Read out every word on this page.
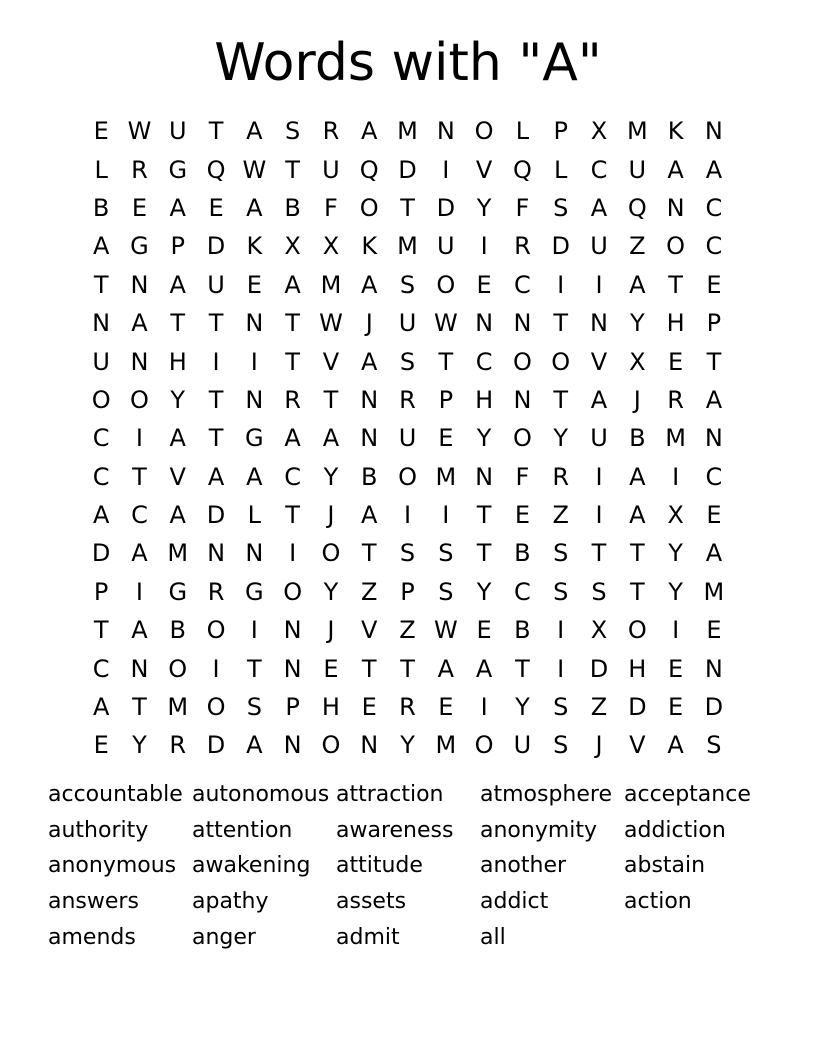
Words with "A"
E W U T A S R A M N O L	P X M K N
L R G Q W T U Q D	I	V Q L C U A A
B E A E A B F O T D Y	F S A Q N C
A G P D K X X K M U	I	R D U Z O C
T N A U E A M A S O E C	I	I	A T E
N A T T N T W J	U W N N T N Y H P
U N H	I	I	T V A S T C O O V X E T
O O Y T N R T N R P H N T A	J	R A
C	I	A T G A A N U E Y O Y U B M N
C T V A A C Y B O M N F R	I	A	I	C
A C A D L	T	J	A	I	I	T E Z	I	A X E
D A M N N	I	O T S S T B S T T Y A
P	I	G R G O Y Z P S Y C S S T Y M
T A B O	I	N	J	V Z W E B	I	X O	I	E
C N O	I	T N E T T A A T	I	D H E N
A T M O S P H E R E	I	Y S Z D E D
E Y R D A N O N Y M O U S	J	V A S
accountable autonomous attraction	atmosphere acceptance
authority	attention	awareness	anonymity	addiction
anonymous awakening	attitude	another	abstain
answers	apathy	assets	addict	action
amends	anger	admit	all
